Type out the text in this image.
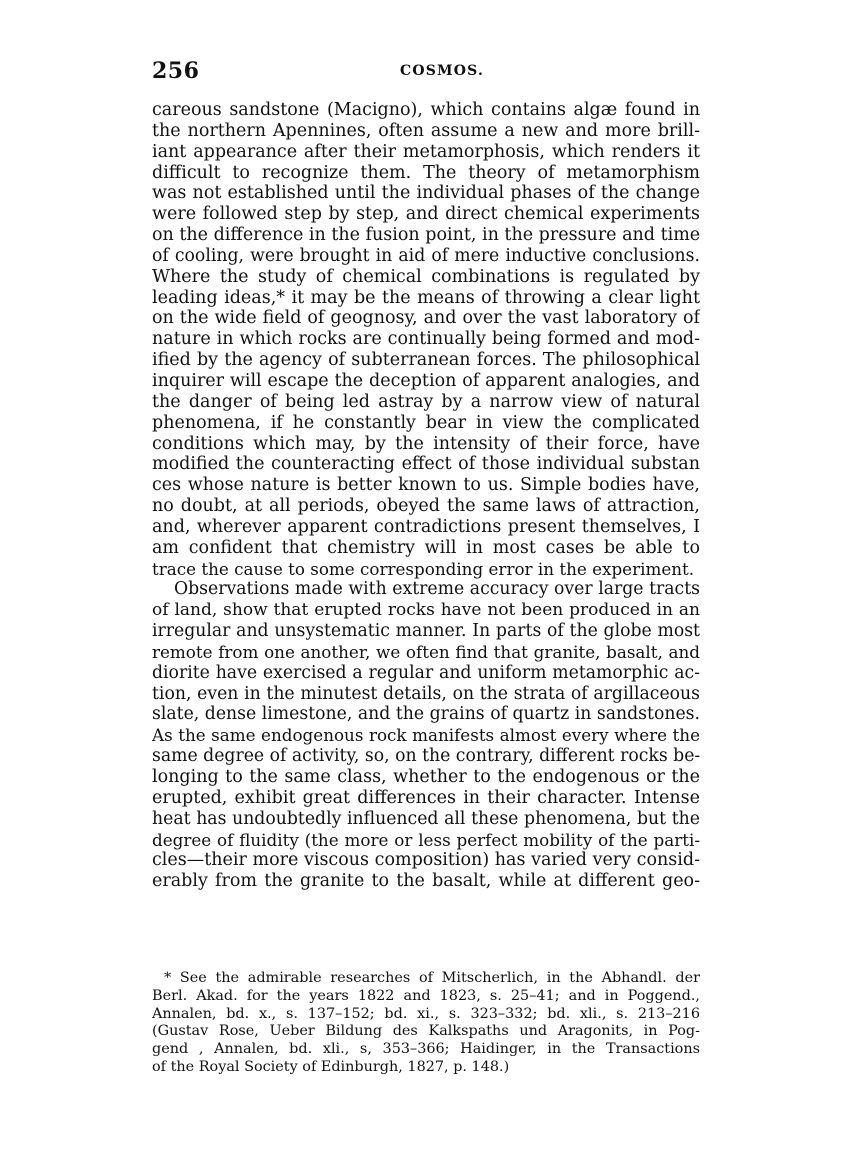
256	COSMOS.
careous sandstone (Macigno), which contains algæ found in
the northern Apennines, often assume a new and more brill-
iant appearance after their metamorphosis, which renders it
difficult to recognize them. The theory of metamorphism
was not established until the individual phases of the change
were followed step by step, and direct chemical experiments
on the difference in the fusion point, in the pressure and time
of cooling, were brought in aid of mere inductive conclusions.
Where the study of chemical combinations is regulated by
leading ideas,* it may be the means of throwing a clear light
on the wide field of geognosy, and over the vast laboratory of
nature in which rocks are continually being formed and mod-
ified by the agency of subterranean forces. The philosophical
inquirer will escape the deception of apparent analogies, and
the danger of being led astray by a narrow view of natural
phenomena, if he constantly bear in view the complicated
conditions which may, by the intensity of their force, have
modified the counteracting effect of those individual substan
ces whose nature is better known to us. Simple bodies have,
no doubt, at all periods, obeyed the same laws of attraction,
and, wherever apparent contradictions present themselves, I
am confident that chemistry will in most cases be able to
trace the cause to some corresponding error in the experiment.
Observations made with extreme accuracy over large tracts
of land, show that erupted rocks have not been produced in an
irregular and unsystematic manner. In parts of the globe most
remote from one another, we often find that granite, basalt, and
diorite have exercised a regular and uniform metamorphic ac-
tion, even in the minutest details, on the strata of argillaceous
slate, dense limestone, and the grains of quartz in sandstones.
As the same endogenous rock manifests almost every where the
same degree of activity, so, on the contrary, different rocks be-
longing to the same class, whether to the endogenous or the
erupted, exhibit great differences in their character. Intense
heat has undoubtedly influenced all these phenomena, but the
degree of fluidity (the more or less perfect mobility of the parti-
cles—their more viscous composition) has varied very consid-
erably from the granite to the basalt, while at different geo-
* See the admirable researches of Mitscherlich, in the Abhandl. der
Berl. Akad. for the years 1822 and 1823, s. 25–41; and in Poggend.,
Annalen, bd. x., s. 137–152; bd. xi., s. 323–332; bd. xli., s. 213–216
(Gustav Rose, Ueber Bildung des Kalkspaths und Aragonits, in Pog-
gend , Annalen, bd. xli., s, 353–366; Haidinger, in the Transactions
of the Royal Society of Edinburgh, 1827, p. 148.)
